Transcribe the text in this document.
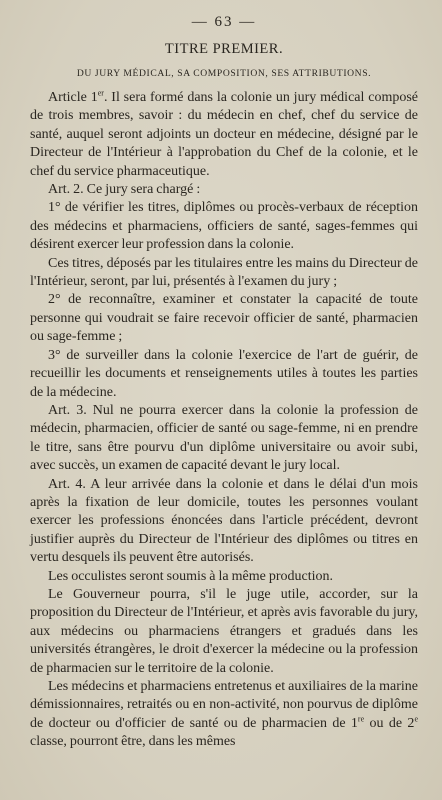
— 63 —
TITRE PREMIER.
DU JURY MÉDICAL, SA COMPOSITION, SES ATTRIBUTIONS.

Article 1er. Il sera formé dans la colonie un jury médical composé de trois membres, savoir : du médecin en chef, chef du service de santé, auquel seront adjoints un docteur en médecine, désigné par le Directeur de l'Intérieur à l'approbation du Chef de la colonie, et le chef du service pharmaceutique.

Art. 2. Ce jury sera chargé :

1° de vérifier les titres, diplômes ou procès-verbaux de réception des médecins et pharmaciens, officiers de santé, sages-femmes qui désirent exercer leur profession dans la colonie.

Ces titres, déposés par les titulaires entre les mains du Directeur de l'Intérieur, seront, par lui, présentés à l'examen du jury ;

2° de reconnaître, examiner et constater la capacité de toute personne qui voudrait se faire recevoir officier de santé, pharmacien ou sage-femme ;

3° de surveiller dans la colonie l'exercice de l'art de guérir, de recueillir les documents et renseignements utiles à toutes les parties de la médecine.

Art. 3. Nul ne pourra exercer dans la colonie la profession de médecin, pharmacien, officier de santé ou sage-femme, ni en prendre le titre, sans être pourvu d'un diplôme universitaire ou avoir subi, avec succès, un examen de capacité devant le jury local.

Art. 4. A leur arrivée dans la colonie et dans le délai d'un mois après la fixation de leur domicile, toutes les personnes voulant exercer les professions énoncées dans l'article précédent, devront justifier auprès du Directeur de l'Intérieur des diplômes ou titres en vertu desquels ils peuvent être autorisés.

Les occulistes seront soumis à la même production.

Le Gouverneur pourra, s'il le juge utile, accorder, sur la proposition du Directeur de l'Intérieur, et après avis favorable du jury, aux médecins ou pharmaciens étrangers et gradués dans les universités étrangères, le droit d'exercer la médecine ou la profession de pharmacien sur le territoire de la colonie.

Les médecins et pharmaciens entretenus et auxiliaires de la marine démissionnaires, retraités ou en non-activité, non pourvus de diplôme de docteur ou d'officier de santé ou de pharmacien de 1re ou de 2e classe, pourront être, dans les mêmes
